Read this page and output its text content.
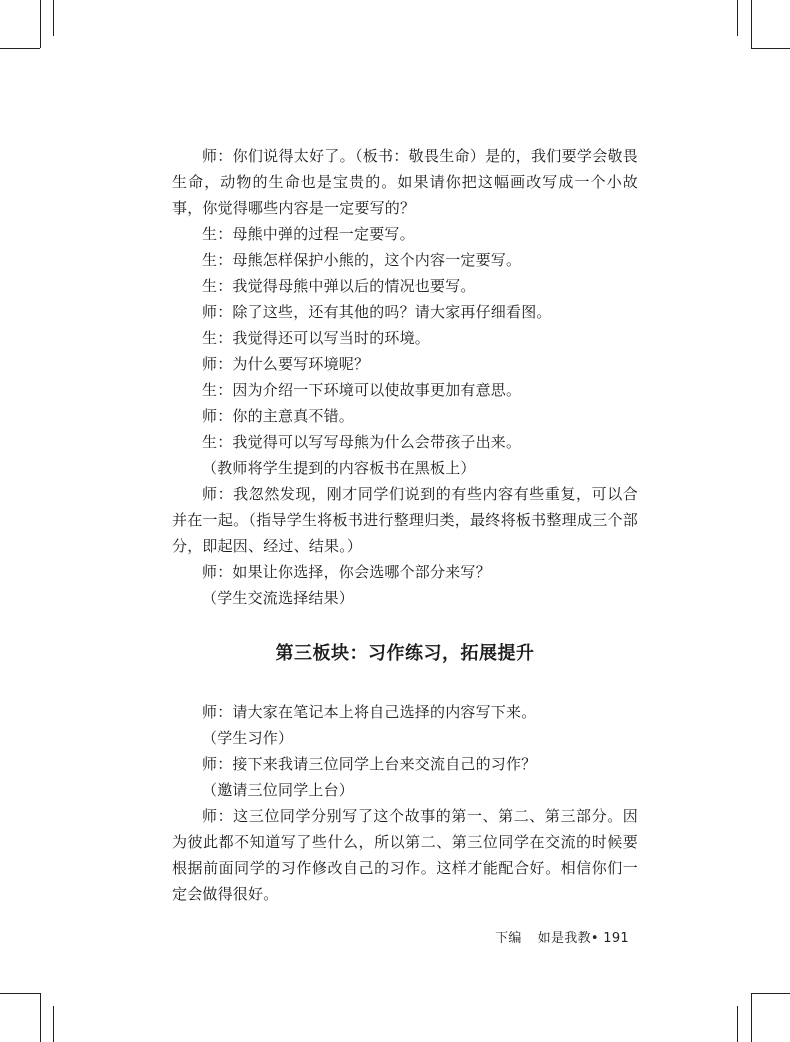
师：你们说得太好了。（板书：敬畏生命）是的，我们要学会敬畏生命，动物的生命也是宝贵的。如果请你把这幅画改写成一个小故事，你觉得哪些内容是一定要写的？

生：母熊中弹的过程一定要写。

生：母熊怎样保护小熊的，这个内容一定要写。

生：我觉得母熊中弹以后的情况也要写。

师：除了这些，还有其他的吗？请大家再仔细看图。

生：我觉得还可以写当时的环境。

师：为什么要写环境呢？

生：因为介绍一下环境可以使故事更加有意思。

师：你的主意真不错。

生：我觉得可以写写母熊为什么会带孩子出来。

（教师将学生提到的内容板书在黑板上）

师：我忽然发现，刚才同学们说到的有些内容有些重复，可以合并在一起。（指导学生将板书进行整理归类，最终将板书整理成三个部分，即起因、经过、结果。）

师：如果让你选择，你会选哪个部分来写？

（学生交流选择结果）

第三板块：习作练习，拓展提升

师：请大家在笔记本上将自己选择的内容写下来。

（学生习作）

师：接下来我请三位同学上台来交流自己的习作？

（邀请三位同学上台）

师：这三位同学分别写了这个故事的第一、第二、第三部分。因为彼此都不知道写了些什么，所以第二、第三位同学在交流的时候要根据前面同学的习作修改自己的习作。这样才能配合好。相信你们一定会做得很好。

下编 如是我教• 191
